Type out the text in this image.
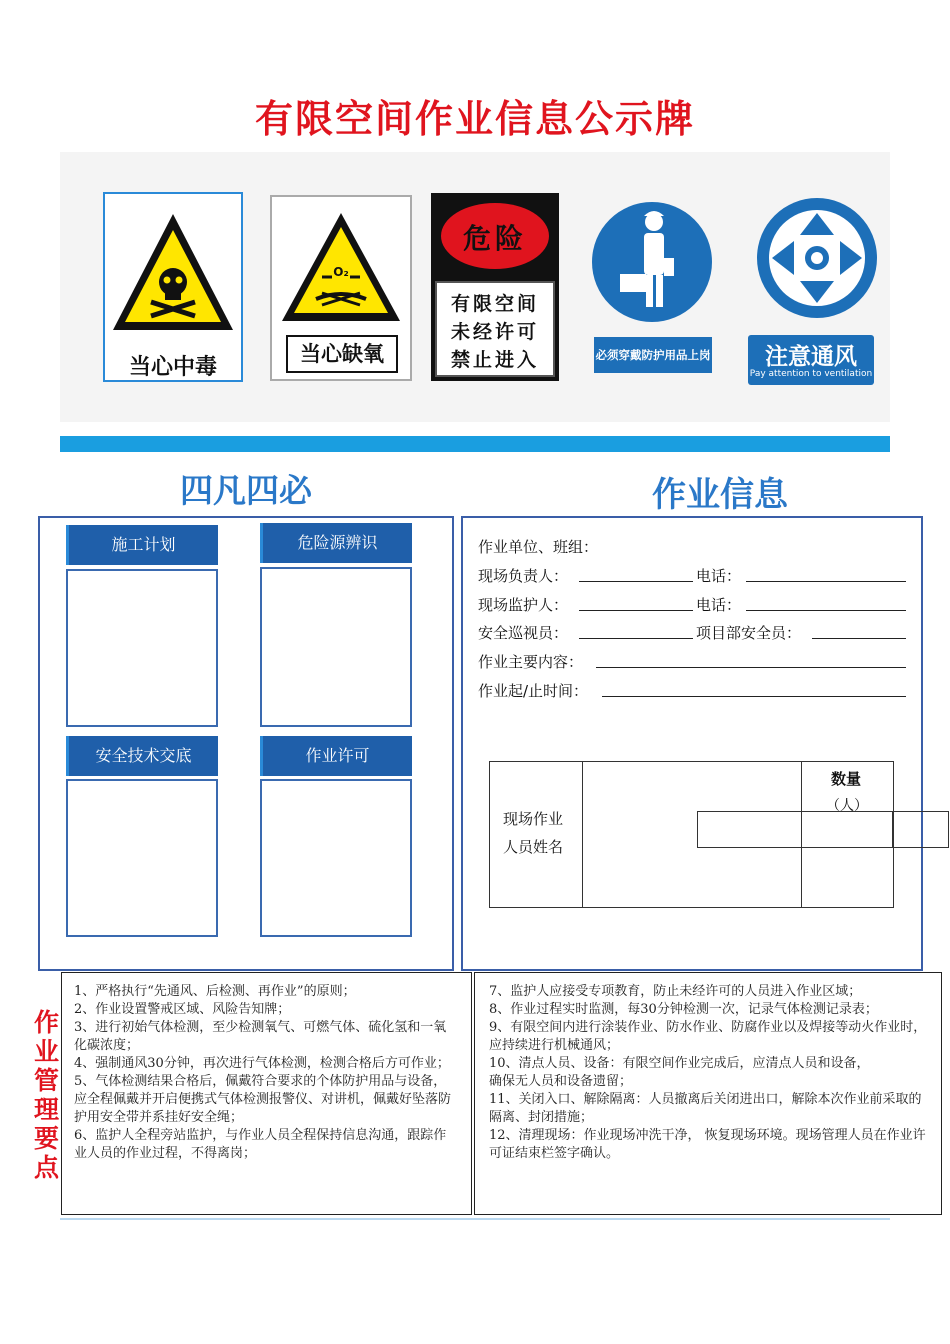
有限空间作业信息公示牌
当心中毒
O₂
当心缺氧
危险
有限空间
未经许可
禁止进入	必须穿戴防护用品上岗	注意通风
Pay attention to ventilation
四凡四必	作业信息
施工计划	危险源辨识
安全技术交底	作业许可
作业单位、班组：
现场负责人：	电话：
现场监护人：	电话：
安全巡视员：	项目部安全员：
作业主要内容：
作业起/止时间：
现场作业
人员姓名
数量
（人）
作
业
管
理
要
点
1、严格执行“先通风、后检测、再作业”的原则；
2、作业设置警戒区域、风险告知牌；
3、进行初始气体检测，至少检测氧气、可燃气体、硫化氢和一氧化碳浓度；
4、强制通风30分钟，再次进行气体检测，检测合格后方可作业；
5、气体检测结果合格后，佩戴符合要求的个体防护用品与设备，应全程佩戴并开启便携式气体检测报警仪、对讲机，佩戴好坠落防护用安全带并系挂好安全绳；
6、监护人全程旁站监护，与作业人员全程保持信息沟通，跟踪作业人员的作业过程，不得离岗；
7、监护人应接受专项教育，防止未经许可的人员进入作业区域；
8、作业过程实时监测，每30分钟检测一次，记录气体检测记录表；
9、有限空间内进行涂装作业、防水作业、防腐作业以及焊接等动火作业时，应持续进行机械通风；
10、清点人员、设备：有限空间作业完成后，应清点人员和设备，
确保无人员和设备遗留；
11、关闭入口、解除隔离：人员撤离后关闭进出口，解除本次作业前采取的隔离、封闭措施；
12、清理现场：作业现场冲洗干净， 恢复现场环境。现场管理人员在作业许可证结束栏签字确认。
